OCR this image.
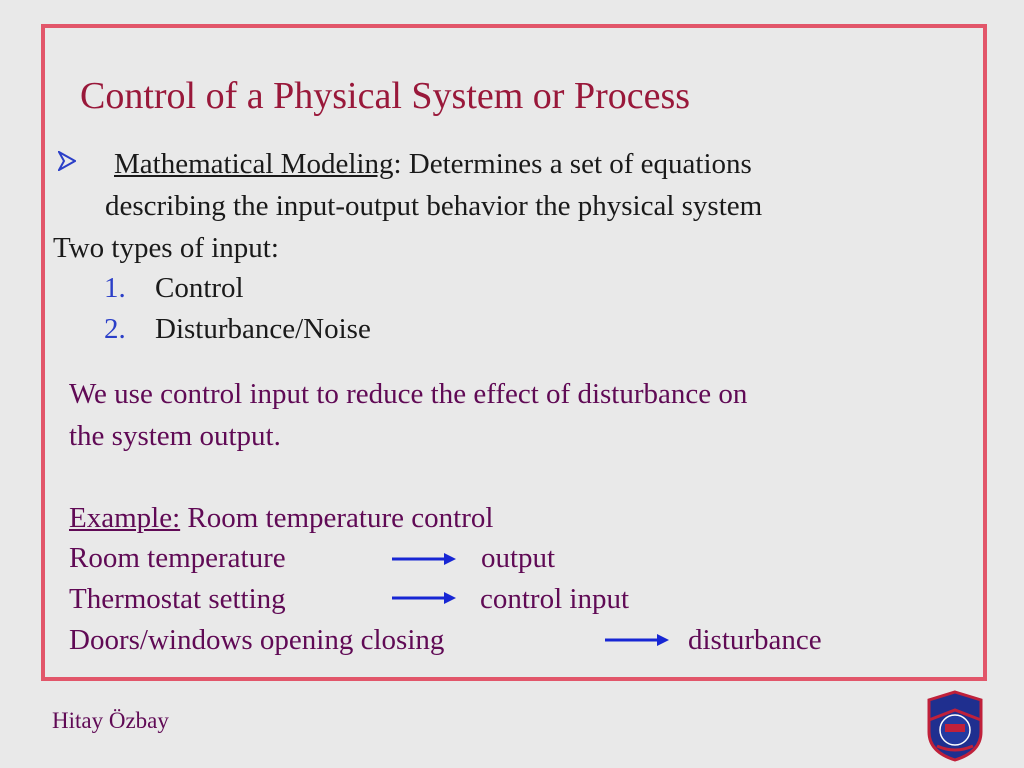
Control of a Physical System or Process
Mathematical Modeling: Determines a set of equations
describing the input-output behavior the physical system
Two types of input:
1. Control
2. Disturbance/Noise
We use control input to reduce the effect of disturbance on
the system output.
Example: Room temperature control
Room temperature	output
Thermostat setting	control input
Doors/windows opening closing	disturbance
Hitay Özbay
